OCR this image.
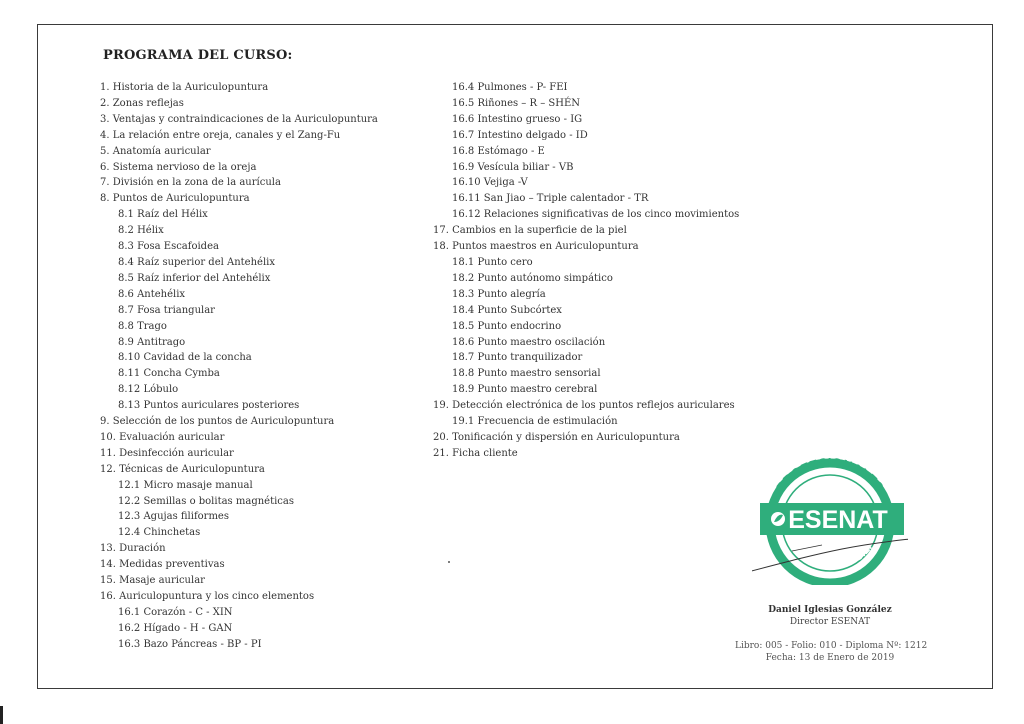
PROGRAMA DEL CURSO:
1. Historia de la Auriculopuntura
2. Zonas reflejas
3. Ventajas y contraindicaciones de la Auriculopuntura
4. La relación entre oreja, canales y el Zang-Fu
5. Anatomía auricular
6. Sistema nervioso de la oreja
7. División en la zona de la aurícula
8. Puntos de Auriculopuntura
8.1 Raíz del Hélix
8.2 Hélix
8.3 Fosa Escafoidea
8.4 Raíz superior del Antehélix
8.5 Raíz inferior del Antehélix
8.6 Antehélix
8.7 Fosa triangular
8.8 Trago
8.9 Antitrago
8.10 Cavidad de la concha
8.11 Concha Cymba
8.12 Lóbulo
8.13 Puntos auriculares posteriores
9. Selección de los puntos de Auriculopuntura
10. Evaluación auricular
11. Desinfección auricular
12. Técnicas de Auriculopuntura
12.1 Micro masaje manual
12.2 Semillas o bolitas magnéticas
12.3 Agujas filiformes
12.4 Chinchetas
13. Duración
14. Medidas preventivas
15. Masaje auricular
16. Auriculopuntura y los cinco elementos
16.1 Corazón - C - XIN
16.2 Hígado - H - GAN
16.3 Bazo Páncreas - BP - PI
16.4 Pulmones - P- FEI
16.5 Riñones – R – SHÉN
16.6 Intestino grueso - IG
16.7 Intestino delgado - ID
16.8 Estómago - E
16.9 Vesícula biliar - VB
16.10 Vejiga -V
16.11 San Jiao – Triple calentador - TR
16.12 Relaciones significativas de los cinco movimientos
17. Cambios en la superficie de la piel
18. Puntos maestros en Auriculopuntura
18.1 Punto cero
18.2 Punto autónomo simpático
18.3 Punto alegría
18.4 Punto Subcórtex
18.5 Punto endocrino
18.6 Punto maestro oscilación
18.7 Punto tranquilizador
18.8 Punto maestro sensorial
18.9 Punto maestro cerebral
19. Detección electrónica de los puntos reflejos auriculares
19.1 Frecuencia de estimulación
20. Tonificación y dispersión en Auriculopuntura
21. Ficha cliente
PROFESIONALES
ESENAT
DE LA SALUD S.L.
Daniel Iglesias González
Director ESENAT
Libro: 005 - Folio: 010 - Diploma Nº: 1212
Fecha: 13 de Enero de 2019
